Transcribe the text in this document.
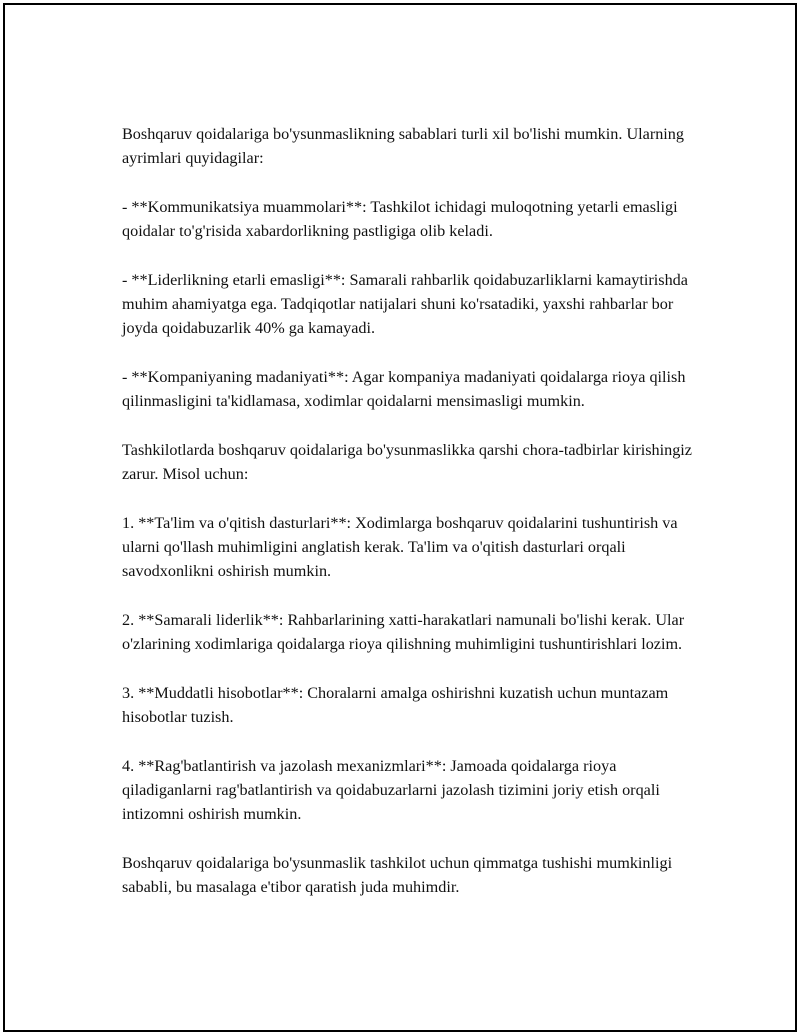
Boshqaruv qoidalariga bo'ysunmaslikning sabablari turli xil bo'lishi mumkin. Ularning ayrimlari quyidagilar:

- **Kommunikatsiya muammolari**: Tashkilot ichidagi muloqotning yetarli emasligi qoidalar to'g'risida xabardorlikning pastligiga olib keladi.

- **Liderlikning etarli emasligi**: Samarali rahbarlik qoidabuzarliklarni kamaytirishda muhim ahamiyatga ega. Tadqiqotlar natijalari shuni ko'rsatadiki, yaxshi rahbarlar bor joyda qoidabuzarlik 40% ga kamayadi.

- **Kompaniyaning madaniyati**: Agar kompaniya madaniyati qoidalarga rioya qilish qilinmasligini ta'kidlamasa, xodimlar qoidalarni mensimasligi mumkin.

Tashkilotlarda boshqaruv qoidalariga bo'ysunmaslikka qarshi chora-tadbirlar kirishingiz zarur. Misol uchun:

1. **Ta'lim va o'qitish dasturlari**: Xodimlarga boshqaruv qoidalarini tushuntirish va ularni qo'llash muhimligini anglatish kerak. Ta'lim va o'qitish dasturlari orqali savodxonlikni oshirish mumkin.

2. **Samarali liderlik**: Rahbarlarining xatti-harakatlari namunali bo'lishi kerak. Ular o'zlarining xodimlariga qoidalarga rioya qilishning muhimligini tushuntirishlari lozim.

3. **Muddatli hisobotlar**: Choralarni amalga oshirishni kuzatish uchun muntazam hisobotlar tuzish.

4. **Rag'batlantirish va jazolash mexanizmlari**: Jamoada qoidalarga rioya qiladiganlarni rag'batlantirish va qoidabuzarlarni jazolash tizimini joriy etish orqali intizomni oshirish mumkin.

Boshqaruv qoidalariga bo'ysunmaslik tashkilot uchun qimmatga tushishi mumkinligi sababli, bu masalaga e'tibor qaratish juda muhimdir.
